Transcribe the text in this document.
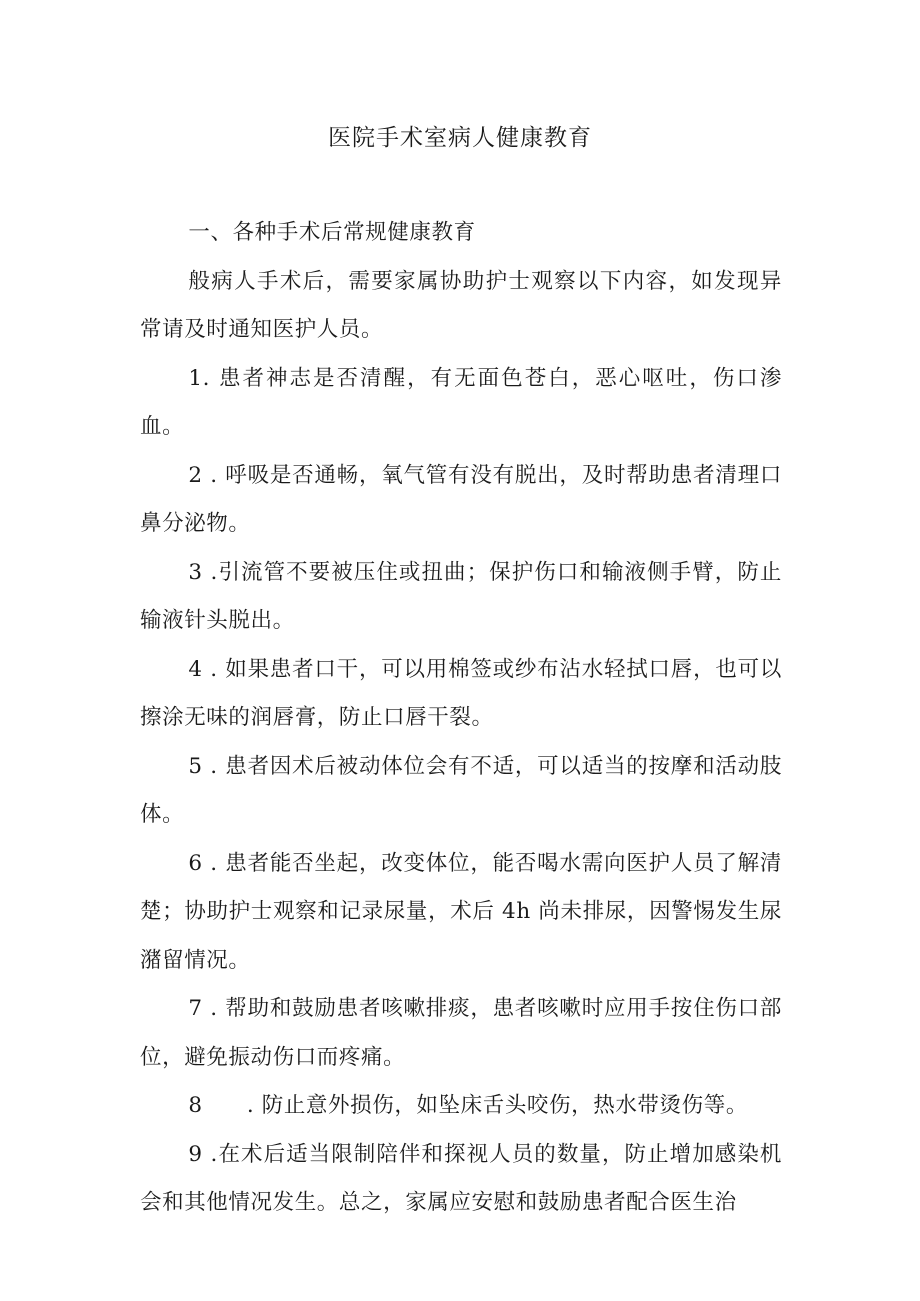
医院手术室病人健康教育

一、各种手术后常规健康教育

般病人手术后，需要家属协助护士观察以下内容，如发现异常请及时通知医护人员。

1. 患者神志是否清醒，有无面色苍白，恶心呕吐，伤口渗血。

2 . 呼吸是否通畅，氧气管有没有脱出，及时帮助患者清理口鼻分泌物。

3 .引流管不要被压住或扭曲；保护伤口和输液侧手臂，防止输液针头脱出。

4 . 如果患者口干，可以用棉签或纱布沾水轻拭口唇，也可以擦涂无味的润唇膏，防止口唇干裂。

5 . 患者因术后被动体位会有不适，可以适当的按摩和活动肢体。

6 . 患者能否坐起，改变体位，能否喝水需向医护人员了解清楚；协助护士观察和记录尿量，术后 4h 尚未排尿，因警惕发生尿潴留情况。

7 . 帮助和鼓励患者咳嗽排痰，患者咳嗽时应用手按住伤口部位，避免振动伤口而疼痛。

8　　. 防止意外损伤，如坠床舌头咬伤，热水带烫伤等。

9 .在术后适当限制陪伴和探视人员的数量，防止增加感染机会和其他情况发生。总之，家属应安慰和鼓励患者配合医生治
